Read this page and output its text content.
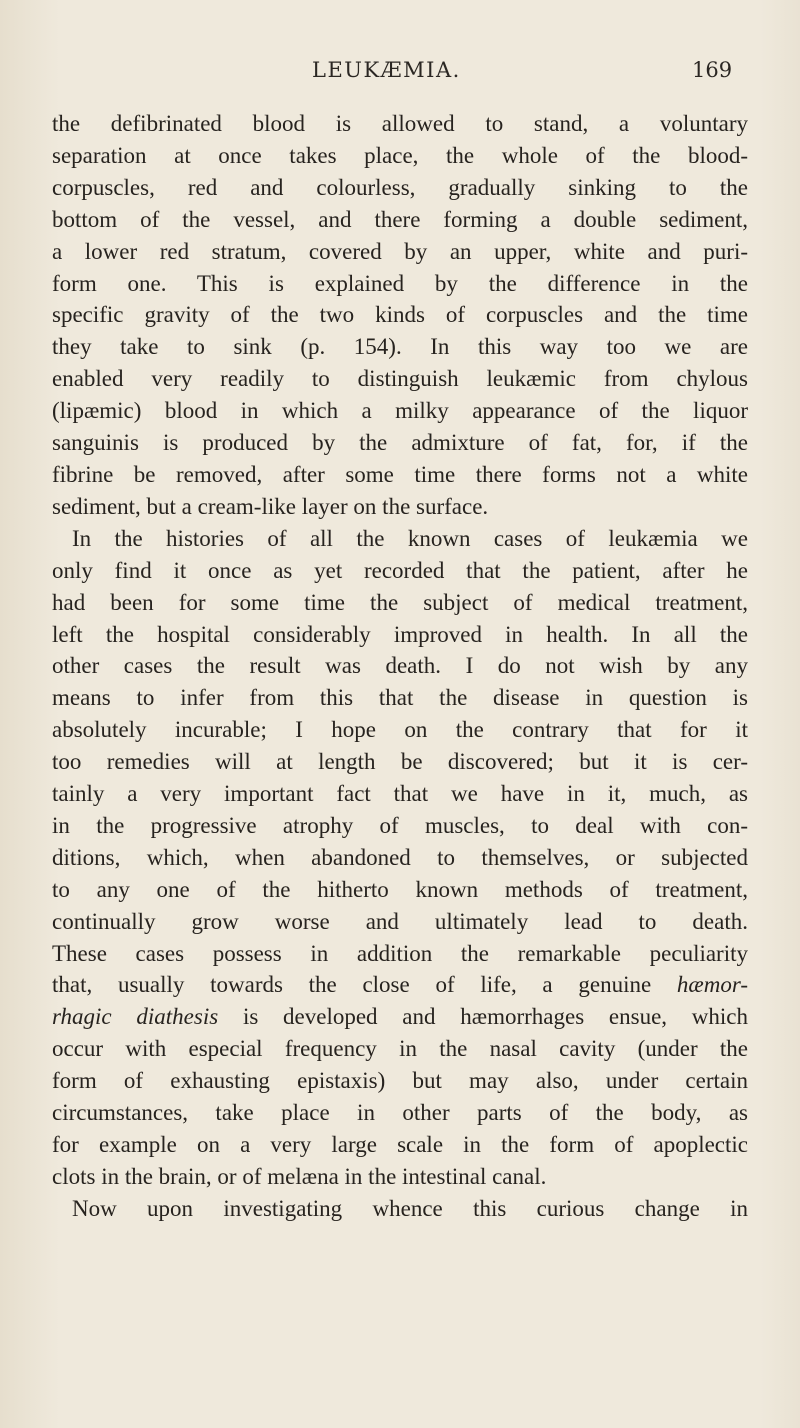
LEUKÆMIA.	169
the defibrinated blood is allowed to stand, a voluntary
separation at once takes place, the whole of the blood-
corpuscles, red and colourless, gradually sinking to the
bottom of the vessel, and there forming a double sediment,
a lower red stratum, covered by an upper, white and puri-
form one. This is explained by the difference in the
specific gravity of the two kinds of corpuscles and the time
they take to sink (p. 154). In this way too we are
enabled very readily to distinguish leukæmic from chylous
(lipæmic) blood in which a milky appearance of the liquor
sanguinis is produced by the admixture of fat, for, if the
fibrine be removed, after some time there forms not a white
sediment, but a cream-like layer on the surface.
In the histories of all the known cases of leukæmia we
only find it once as yet recorded that the patient, after he
had been for some time the subject of medical treatment,
left the hospital considerably improved in health. In all the
other cases the result was death. I do not wish by any
means to infer from this that the disease in question is
absolutely incurable; I hope on the contrary that for it
too remedies will at length be discovered; but it is cer-
tainly a very important fact that we have in it, much, as
in the progressive atrophy of muscles, to deal with con-
ditions, which, when abandoned to themselves, or subjected
to any one of the hitherto known methods of treatment,
continually grow worse and ultimately lead to death.
These cases possess in addition the remarkable peculiarity
that, usually towards the close of life, a genuine hæmor-
rhagic diathesis is developed and hæmorrhages ensue, which
occur with especial frequency in the nasal cavity (under the
form of exhausting epistaxis) but may also, under certain
circumstances, take place in other parts of the body, as
for example on a very large scale in the form of apoplectic
clots in the brain, or of melæna in the intestinal canal.
Now upon investigating whence this curious change in
